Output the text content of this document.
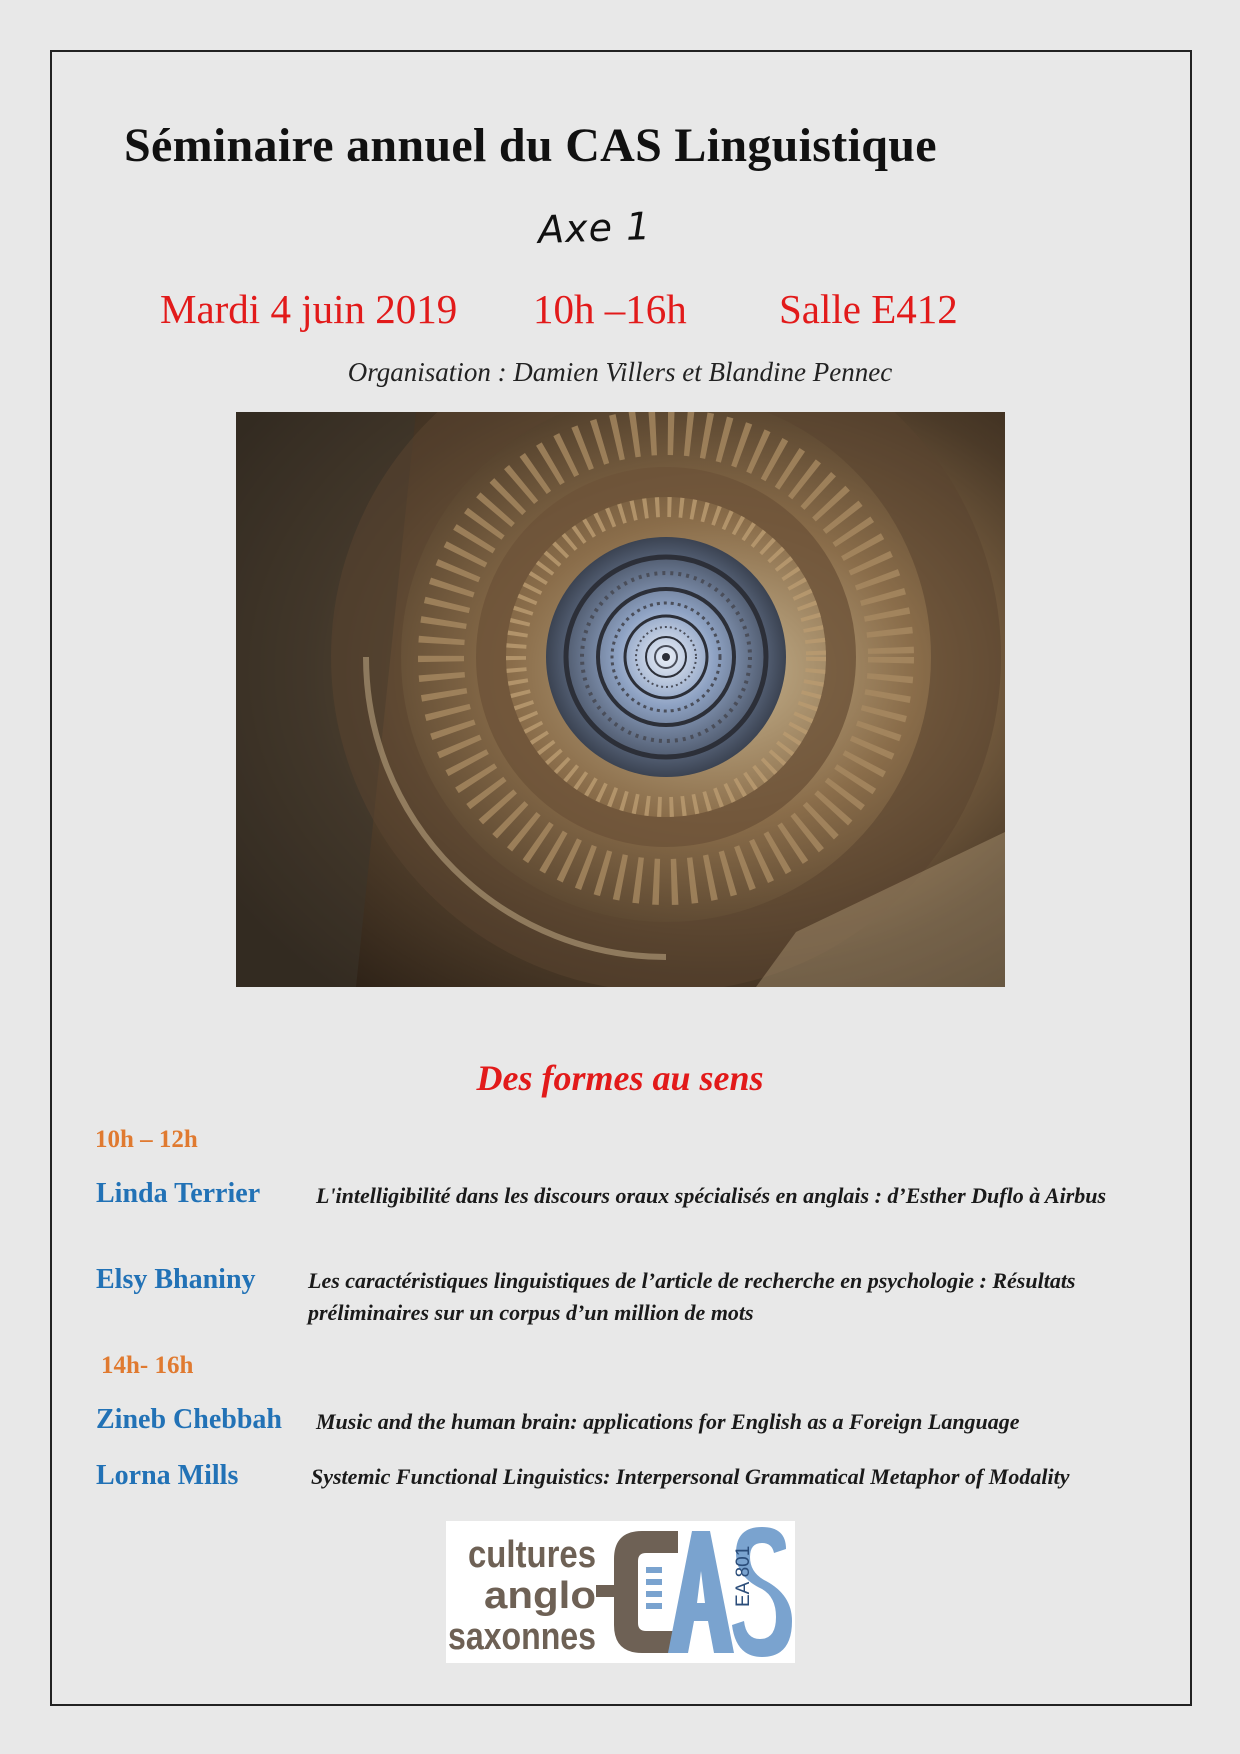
Séminaire annuel du CAS Linguistique
Axe 1
Mardi 4 juin 2019 10h –16h Salle E412
Organisation : Damien Villers et Blandine Pennec
Des formes au sens
10h – 12h
Linda Terrier	L'intelligibilité dans les discours oraux spécialisés en anglais : d’Esther Duflo à Airbus
Elsy Bhaniny Les caractéristiques linguistiques de l’article de recherche en psychologie : Résultats préliminaires sur un corpus d’un million de mots
14h- 16h
Zineb Chebbah Music and the human brain: applications for English as a Foreign Language
Lorna Mills	Systemic Functional Linguistics: Interpersonal Grammatical Metaphor of Modality
cultures
anglo
saxonnes
EA 801
